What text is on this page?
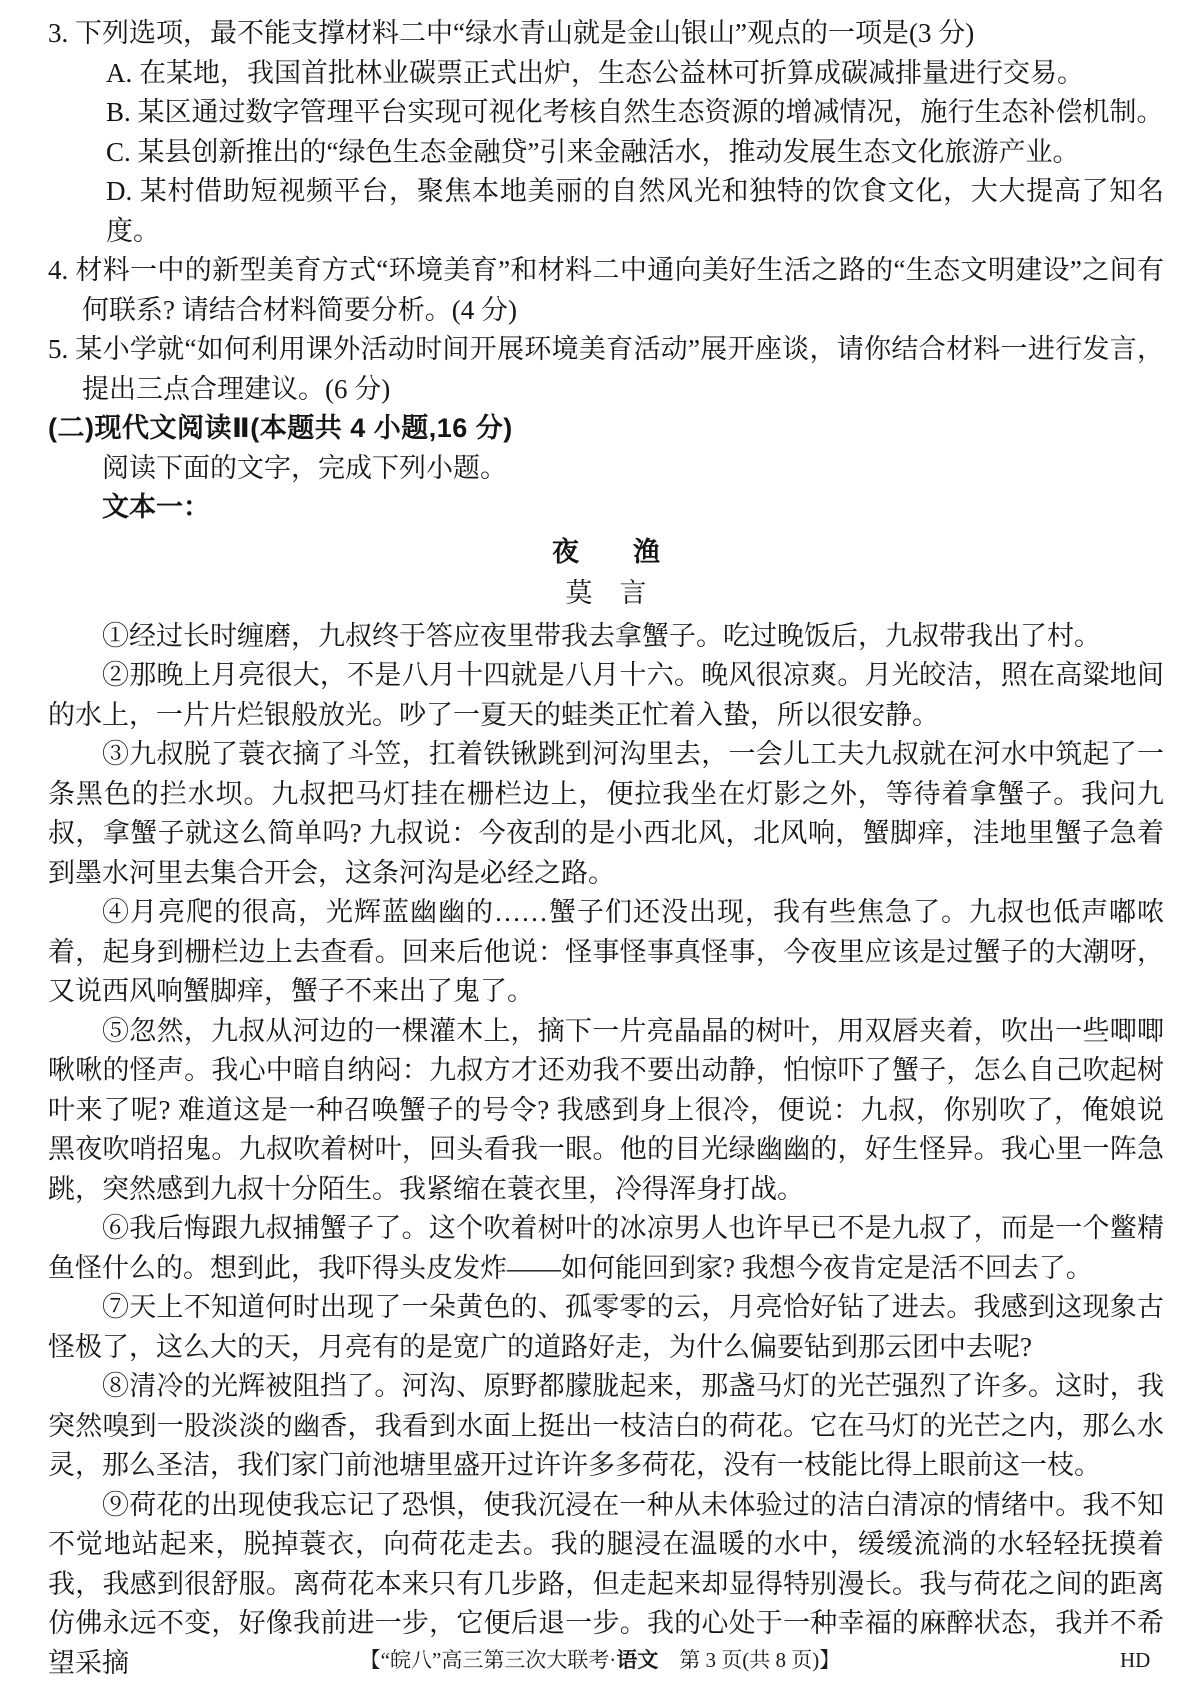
3. 下列选项，最不能支撑材料二中“绿水青山就是金山银山”观点的一项是(3 分)
A. 在某地，我国首批林业碳票正式出炉，生态公益林可折算成碳减排量进行交易。
B. 某区通过数字管理平台实现可视化考核自然生态资源的增减情况，施行生态补偿机制。
C. 某县创新推出的“绿色生态金融贷”引来金融活水，推动发展生态文化旅游产业。
D. 某村借助短视频平台，聚焦本地美丽的自然风光和独特的饮食文化，大大提高了知名度。
4. 材料一中的新型美育方式“环境美育”和材料二中通向美好生活之路的“生态文明建设”之间有何联系? 请结合材料简要分析。(4 分)
5. 某小学就“如何利用课外活动时间开展环境美育活动”展开座谈，请你结合材料一进行发言，提出三点合理建议。(6 分)
(二)现代文阅读Ⅱ(本题共 4 小题,16 分)
阅读下面的文字，完成下列小题。
文本一：
夜　　渔
莫　言

①经过长时缠磨，九叔终于答应夜里带我去拿蟹子。吃过晚饭后，九叔带我出了村。

②那晚上月亮很大，不是八月十四就是八月十六。晚风很凉爽。月光皎洁，照在高粱地间的水上，一片片烂银般放光。吵了一夏天的蛙类正忙着入蛰，所以很安静。

③九叔脱了蓑衣摘了斗笠，扛着铁锹跳到河沟里去，一会儿工夫九叔就在河水中筑起了一条黑色的拦水坝。九叔把马灯挂在栅栏边上，便拉我坐在灯影之外，等待着拿蟹子。我问九叔，拿蟹子就这么简单吗? 九叔说：今夜刮的是小西北风，北风响，蟹脚痒，洼地里蟹子急着到墨水河里去集合开会，这条河沟是必经之路。

④月亮爬的很高，光辉蓝幽幽的……蟹子们还没出现，我有些焦急了。九叔也低声嘟哝着，起身到栅栏边上去查看。回来后他说：怪事怪事真怪事，今夜里应该是过蟹子的大潮呀，又说西风响蟹脚痒，蟹子不来出了鬼了。

⑤忽然，九叔从河边的一棵灌木上，摘下一片亮晶晶的树叶，用双唇夹着，吹出一些唧唧啾啾的怪声。我心中暗自纳闷：九叔方才还劝我不要出动静，怕惊吓了蟹子，怎么自己吹起树叶来了呢? 难道这是一种召唤蟹子的号令? 我感到身上很冷，便说：九叔，你别吹了，俺娘说黑夜吹哨招鬼。九叔吹着树叶，回头看我一眼。他的目光绿幽幽的，好生怪异。我心里一阵急跳，突然感到九叔十分陌生。我紧缩在蓑衣里，冷得浑身打战。

⑥我后悔跟九叔捕蟹子了。这个吹着树叶的冰凉男人也许早已不是九叔了，而是一个鳖精鱼怪什么的。想到此，我吓得头皮发炸——如何能回到家? 我想今夜肯定是活不回去了。

⑦天上不知道何时出现了一朵黄色的、孤零零的云，月亮恰好钻了进去。我感到这现象古怪极了，这么大的天，月亮有的是宽广的道路好走，为什么偏要钻到那云团中去呢?

⑧清冷的光辉被阻挡了。河沟、原野都朦胧起来，那盏马灯的光芒强烈了许多。这时，我突然嗅到一股淡淡的幽香，我看到水面上挺出一枝洁白的荷花。它在马灯的光芒之内，那么水灵，那么圣洁，我们家门前池塘里盛开过许许多多荷花，没有一枝能比得上眼前这一枝。

⑨荷花的出现使我忘记了恐惧，使我沉浸在一种从未体验过的洁白清凉的情绪中。我不知不觉地站起来，脱掉蓑衣，向荷花走去。我的腿浸在温暖的水中，缓缓流淌的水轻轻抚摸着我，我感到很舒服。离荷花本来只有几步路，但走起来却显得特别漫长。我与荷花之间的距离仿佛永远不变，好像我前进一步，它便后退一步。我的心处于一种幸福的麻醉状态，我并不希望采摘	【“皖八”高三第三次大联考·语文　第 3 页(共 8 页)】	HD
